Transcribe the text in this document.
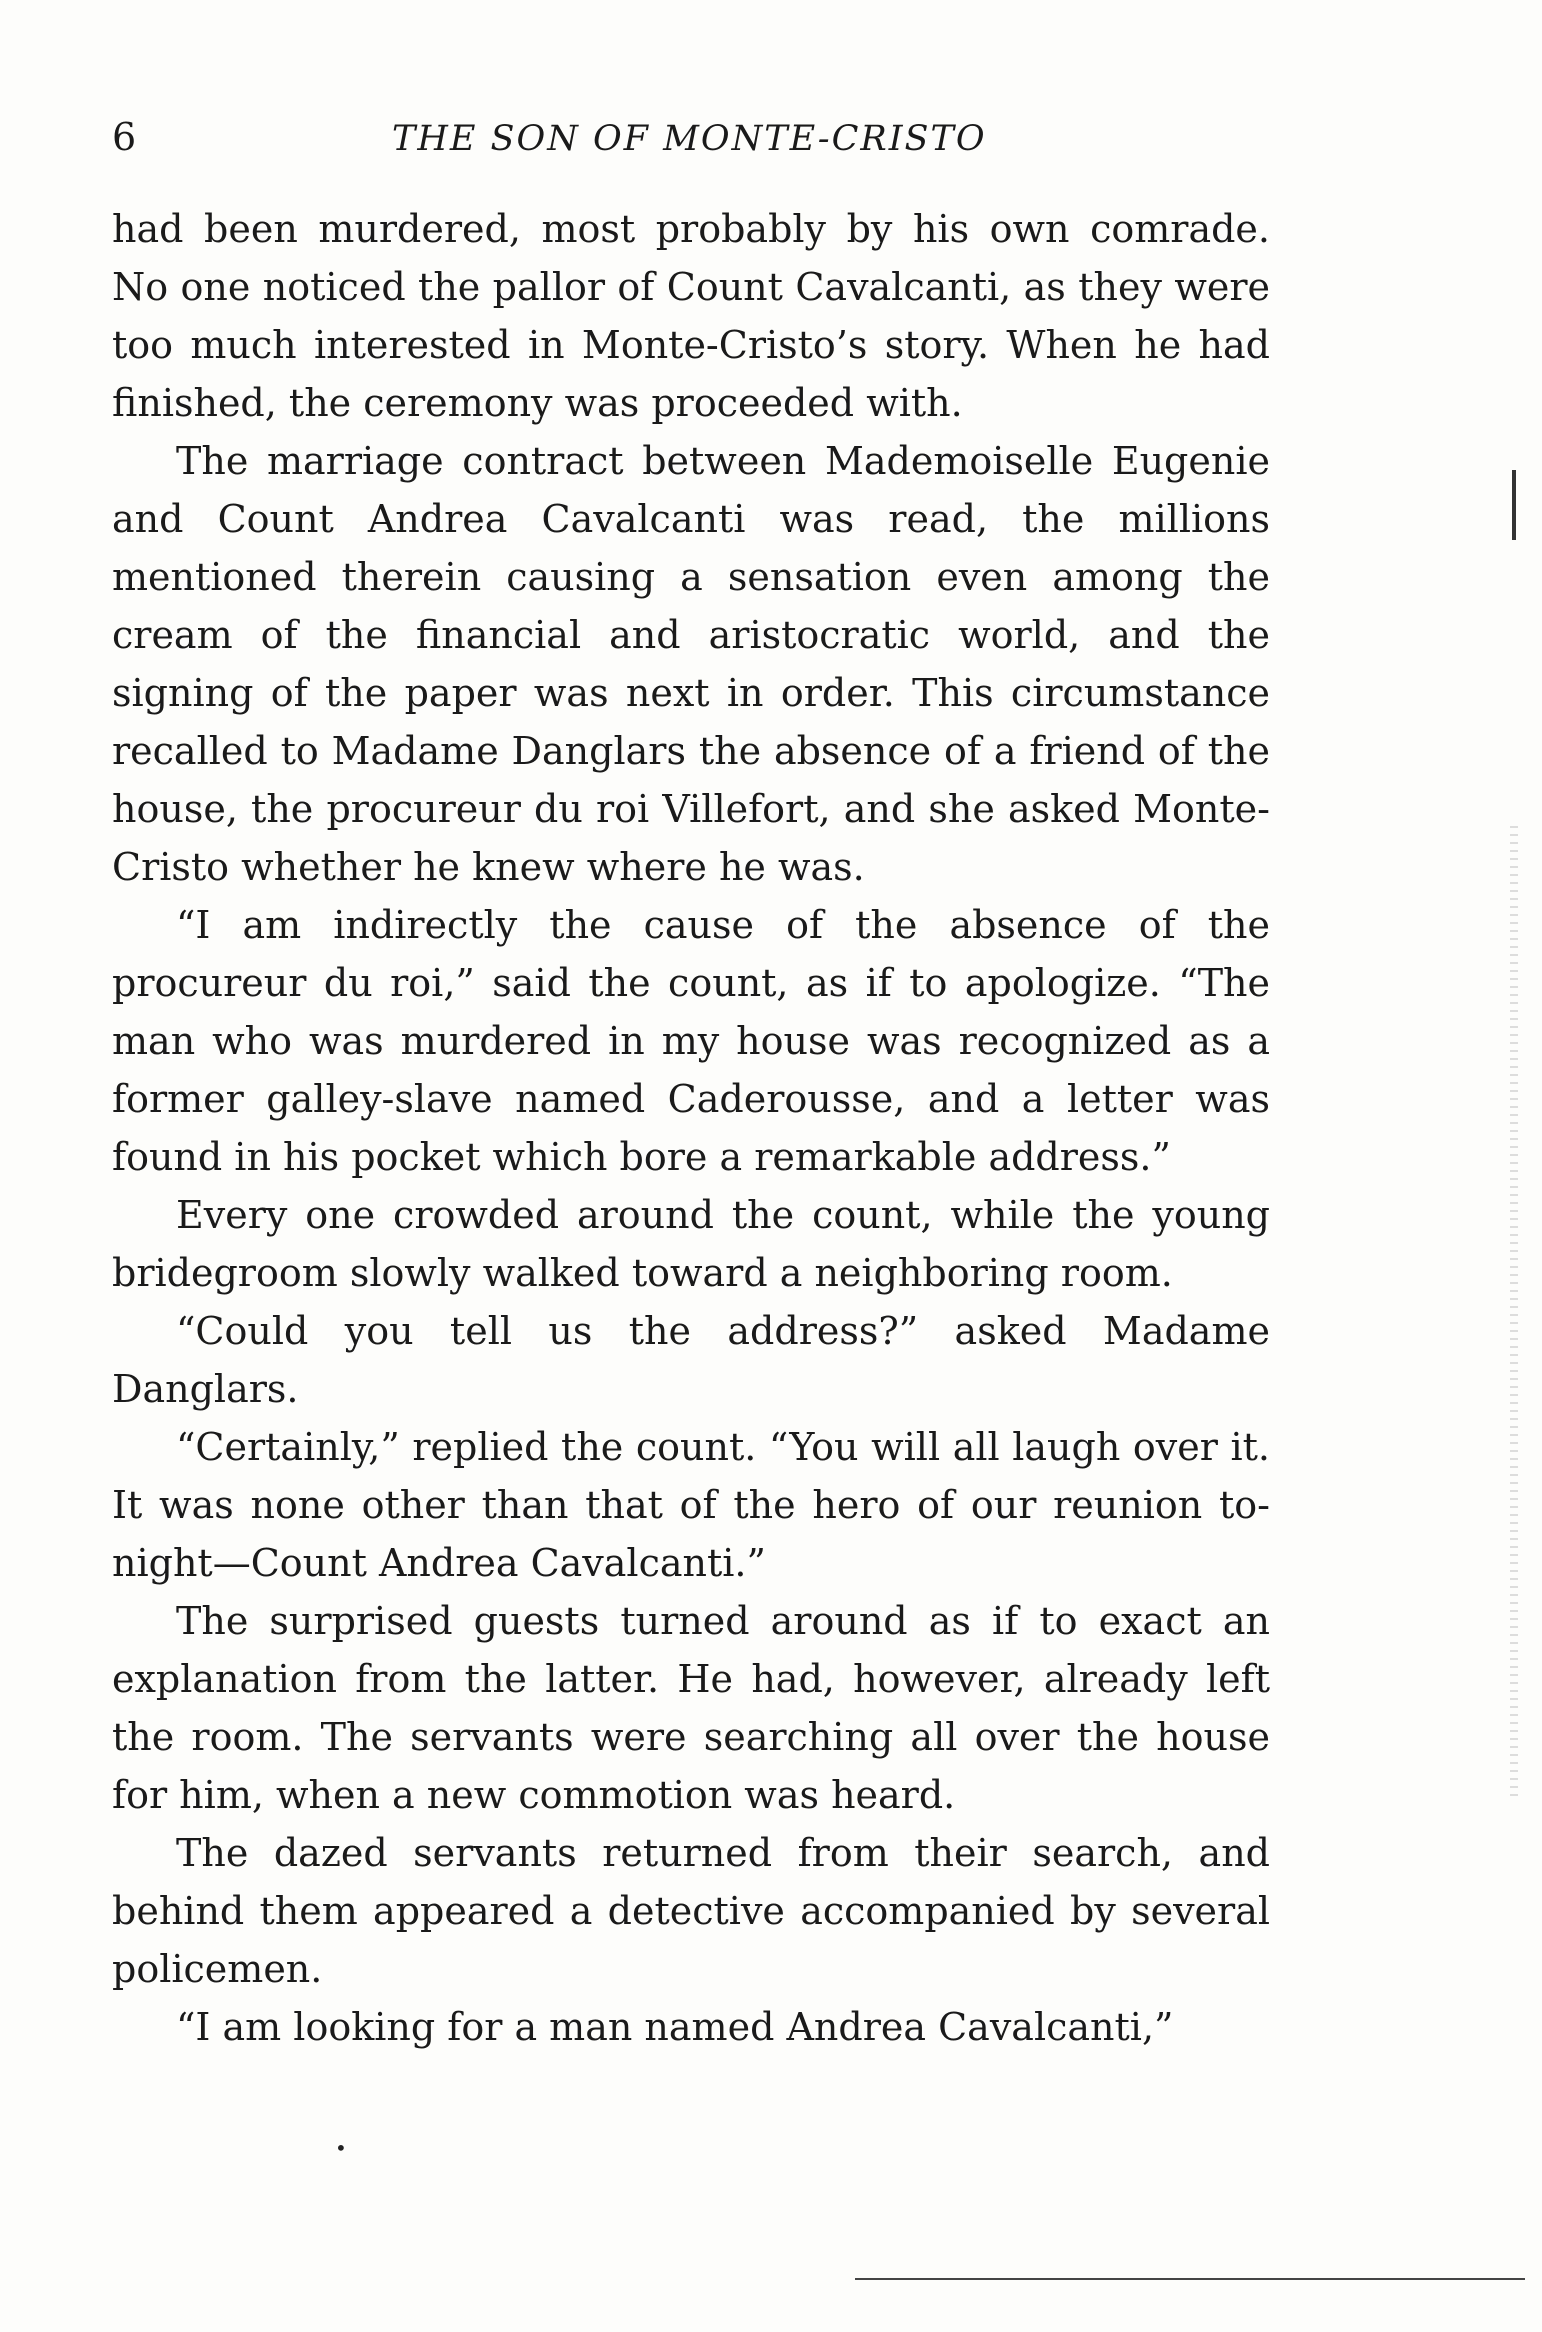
6	THE SON OF MONTE-CRISTO

had been murdered, most probably by his own comrade. No one noticed the pallor of Count Cavalcanti, as they were too much interested in Monte-Cristo’s story. When he had finished, the ceremony was proceeded with.

The marriage contract between Mademoiselle Eugenie and Count Andrea Cavalcanti was read, the millions mentioned therein causing a sensation even among the cream of the financial and aristocratic world, and the signing of the paper was next in order. This circumstance recalled to Madame Danglars the absence of a friend of the house, the procureur du roi Villefort, and she asked Monte-Cristo whether he knew where he was.

“I am indirectly the cause of the absence of the procureur du roi,” said the count, as if to apologize. “The man who was murdered in my house was recognized as a former galley-slave named Caderousse, and a letter was found in his pocket which bore a remarkable address.”

Every one crowded around the count, while the young bridegroom slowly walked toward a neighboring room.

“Could you tell us the address?” asked Madame Danglars.

“Certainly,” replied the count. “You will all laugh over it. It was none other than that of the hero of our reunion to-night—Count Andrea Cavalcanti.”

The surprised guests turned around as if to exact an explanation from the latter. He had, however, already left the room. The servants were searching all over the house for him, when a new commotion was heard.

The dazed servants returned from their search, and behind them appeared a detective accompanied by several policemen.

“I am looking for a man named Andrea Cavalcanti,”

•
